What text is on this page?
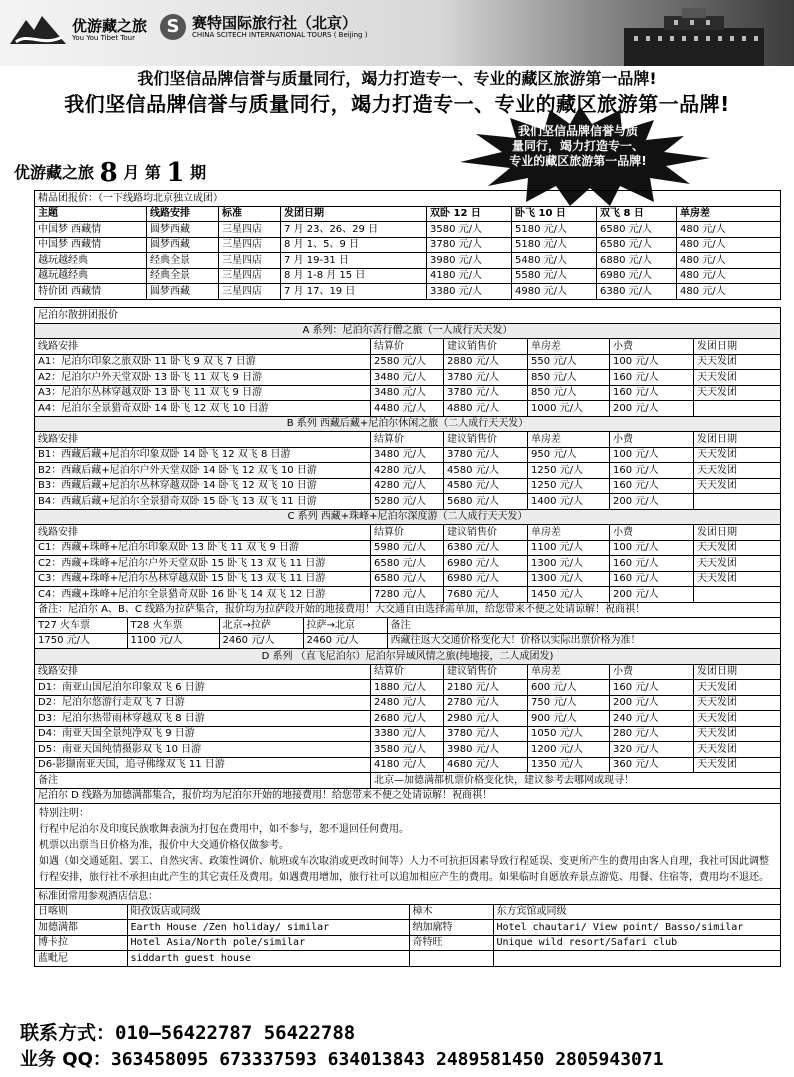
优游藏之旅
You You Tibet Tour
S 赛特国际旅行社（北京）
CHINA SCITECH INTERNATIONAL TOURS ( Beijing )
我们坚信品牌信誉与质量同行，竭力打造专一、专业的藏区旅游第一品牌!
我们坚信品牌信誉与质量同行，竭力打造专一、专业的藏区旅游第一品牌!
我们坚信品牌信誉与质
量同行，竭力打造专一、
专业的藏区旅游第一品牌!
优游藏之旅 8 月 第 1 期
精品团报价：（一下线路均北京独立成团）							
主题	线路安排	标准	发团日期	双卧 12 日	卧飞 10 日	双飞 8 日	单房差
中国梦 西藏情	圆梦西藏	三星四店	7 月 23、26、29 日	3580 元/人	5180 元/人	6580 元/人	480 元/人
中国梦 西藏情	圆梦西藏	三星四店	8 月 1、5、9 日	3780 元/人	5180 元/人	6580 元/人	480 元/人
越玩越经典	经典全景	三星四店	7 月 19-31 日	3980 元/人	5480 元/人	6880 元/人	480 元/人
越玩越经典	经典全景	三星四店	8 月 1-8 月 15 日	4180 元/人	5580 元/人	6980 元/人	480 元/人
特价团 西藏情	圆梦西藏	三星四店	7 月 17、19 日	3380 元/人	4980 元/人	6380 元/人	480 元/人
尼泊尔散拼团报价
A 系列：尼泊尔苦行僧之旅（一人成行天天发）
线路安排	结算价	建议销售价	单房差	小费	发团日期
A1：尼泊尔印象之旅双卧 11 卧飞 9 双飞 7 日游	2580 元/人	2880 元/人	550 元/人	100 元/人	天天发团
A2：尼泊尔户外天堂双卧 13 卧飞 11 双飞 9 日游	3480 元/人	3780 元/人	850 元/人	160 元/人	天天发团
A3：尼泊尔丛林穿越双卧 13 卧飞 11 双飞 9 日游	3480 元/人	3780 元/人	850 元/人	160 元/人	天天发团
A4：尼泊尔全景猎奇双卧 14 卧飞 12 双飞 10 日游	4480 元/人	4880 元/人	1000 元/人	200 元/人	
B 系列 西藏后藏+尼泊尔休闲之旅（二人成行天天发）
线路安排	结算价	建议销售价	单房差	小费	发团日期
B1：西藏后藏+尼泊尔印象双卧 14 卧飞 12 双飞 8 日游	3480 元/人	3780 元/人	950 元/人	100 元/人	天天发团
B2：西藏后藏+尼泊尔户外天堂双卧 14 卧飞 12 双飞 10 日游	4280 元/人	4580 元/人	1250 元/人	160 元/人	天天发团
B3：西藏后藏+尼泊尔丛林穿越双卧 14 卧飞 12 双飞 10 日游	4280 元/人	4580 元/人	1250 元/人	160 元/人	天天发团
B4：西藏后藏+尼泊尔全景猎奇双卧 15 卧飞 13 双飞 11 日游	5280 元/人	5680 元/人	1400 元/人	200 元/人	
C 系列 西藏+珠峰+尼泊尔深度游（二人成行天天发）
线路安排	结算价	建议销售价	单房差	小费	发团日期
C1：西藏+珠峰+尼泊尔印象双卧 13 卧飞 11 双飞 9 日游	5980 元/人	6380 元/人	1100 元/人	100 元/人	天天发团
C2：西藏+珠峰+尼泊尔户外天堂双卧 15 卧飞 13 双飞 11 日游	6580 元/人	6980 元/人	1300 元/人	160 元/人	天天发团
C3：西藏+珠峰+尼泊尔丛林穿越双卧 15 卧飞 13 双飞 11 日游	6580 元/人	6980 元/人	1300 元/人	160 元/人	天天发团
C4：西藏+珠峰+尼泊尔全景猎奇双卧 16 卧飞 14 双飞 12 日游	7280 元/人	7680 元/人	1450 元/人	200 元/人	
备注：尼泊尔 A、B、C 线路为拉萨集合，报价均为拉萨段开始的地接费用！大交通自由选择需单加，给您带来不便之处请谅解！祝商祺！

T27 火车票	T28 火车票	北京→拉萨	拉萨→北京	备注
1750 元/人	1100 元/人	2460 元/人	2460 元/人	西藏往返大交通价格变化大！价格以实际出票价格为准！

D 系列 （直飞尼泊尔）尼泊尔异域风情之旅(纯地接，二人成团发)
线路安排	结算价	建议销售价	单房差	小费	发团日期
D1：南亚山国尼泊尔印象双飞 6 日游	1880 元/人	2180 元/人	600 元/人	160 元/人	天天发团
D2：尼泊尔悠游行走双飞 7 日游	2480 元/人	2780 元/人	750 元/人	200 元/人	天天发团
D3：尼泊尔热带雨林穿越双飞 8 日游	2680 元/人	2980 元/人	900 元/人	240 元/人	天天发团
D4：南亚天国全景纯净双飞 9 日游	3380 元/人	3780 元/人	1050 元/人	280 元/人	天天发团
D5：南亚天国纯情摄影双飞 10 日游	3580 元/人	3980 元/人	1200 元/人	320 元/人	天天发团
D6-影撷南亚天国，追寻佛缘双飞 11 日游	4180 元/人	4680 元/人	1350 元/人	360 元/人	天天发团
备注	北京—加德满都机票价格变化快，建议参考去哪网或现寻！
尼泊尔 D 线路为加德满都集合，报价均为尼泊尔开始的地接费用！给您带来不便之处请谅解！祝商祺！

特别注明：
行程中尼泊尔及印度民族歌舞表演为打包在费用中，如不参与，恕不退回任何费用。
机票以出票当日价格为准，报价中大交通价格仅做参考。
如遇（如交通延阻、罢工、自然灾害、政策性调价、航班或车次取消或更改时间等）人力不可抗拒因素导致行程延误、变更所产生的费用由客人自理，我社可因此调整行程安排，旅行社不承担由此产生的其它责任及费用。如遇费用增加，旅行社可以追加相应产生的费用。如果临时自愿放弃景点游览、用餐、住宿等，费用均不退还。

标准团常用参观酒店信息：

日喀则	阳孜饭店或同级	樟木	东方宾馆或同级
加德满都	Earth House /Zen holiday/ similar	纳加廓特	Hotel chautari/ View point/ Basso/similar
博卡拉	Hotel Asia/North pole/similar	奇特旺	Unique wild resort/Safari club
蓝毗尼	siddarth guest house		
联系方式：010—56422787 56422788
业务 QQ：363458095 673337593 634013843 2489581450 2805943071
